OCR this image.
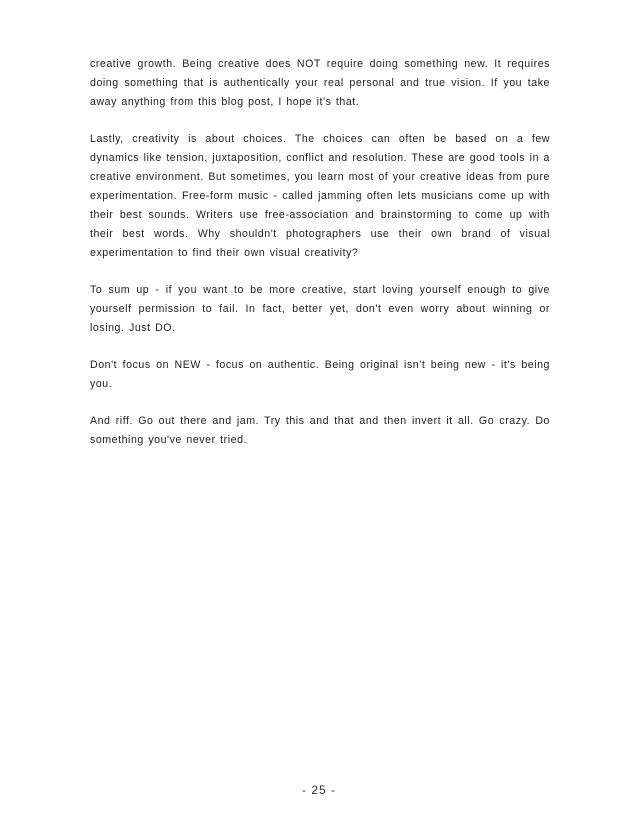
creative growth. Being creative does NOT require doing something new. It requires doing something that is authentically your real personal and true vision. If you take away anything from this blog post, I hope it's that.

Lastly, creativity is about choices. The choices can often be based on a few dynamics like tension, juxtaposition, conflict and resolution. These are good tools in a creative environment. But sometimes, you learn most of your creative ideas from pure experimentation. Free-form music - called jamming often lets musicians come up with their best sounds. Writers use free-association and brainstorming to come up with their best words. Why shouldn't photographers use their own brand of visual experimentation to find their own visual creativity?

To sum up - if you want to be more creative, start loving yourself enough to give yourself permission to fail. In fact, better yet, don't even worry about winning or losing. Just DO.

Don't focus on NEW - focus on authentic. Being original isn't being new - it's being you.

And riff. Go out there and jam. Try this and that and then invert it all. Go crazy. Do something you've never tried.

- 25 -
